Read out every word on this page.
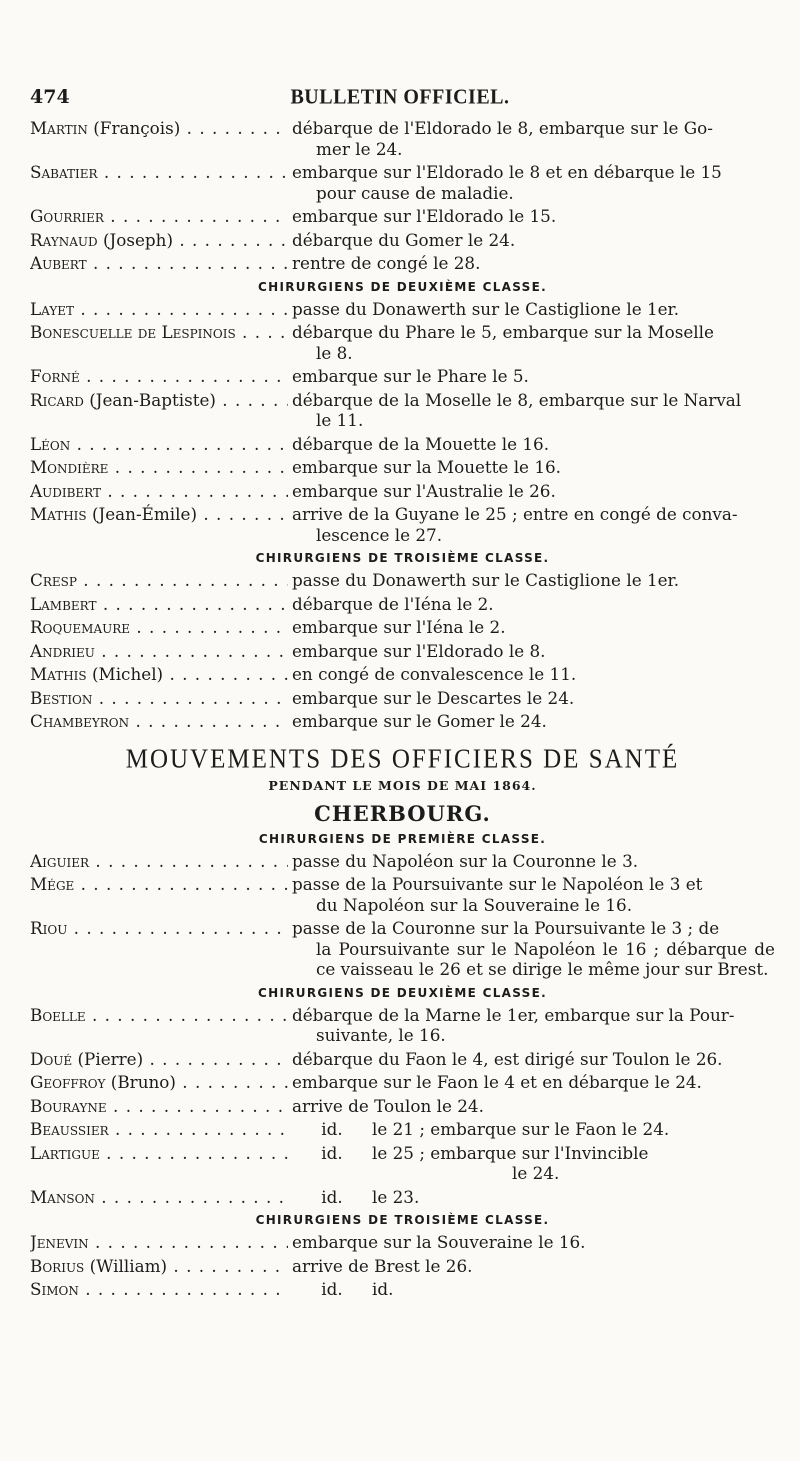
474	BULLETIN OFFICIEL.
Martin (François) . . .	débarque de l'Eldorado le 8, embarque sur le Go-
mer le 24.
Sabatier . . .	embarque sur l'Eldorado le 8 et en débarque le 15
pour cause de maladie.
Gourrier . . .	embarque sur l'Eldorado le 15.
Raynaud (Joseph) . . .	débarque du Gomer le 24.
Aubert . . .	rentre de congé le 28.
CHIRURGIENS DE DEUXIÈME CLASSE.
Layet . . .	passe du Donawerth sur le Castiglione le 1er.
Bonescuelle de Lespinois . . .	débarque du Phare le 5, embarque sur la Moselle
le 8.
Forné . . .	embarque sur le Phare le 5.
Ricard (Jean-Baptiste) . . .	débarque de la Moselle le 8, embarque sur le Narval
le 11.
Léon . . .	débarque de la Mouette le 16.
Mondière . . .	embarque sur la Mouette le 16.
Audibert . . .	embarque sur l'Australie le 26.
Mathis (Jean-Émile) . . .	arrive de la Guyane le 25 ; entre en congé de conva-
lescence le 27.
CHIRURGIENS DE TROISIÈME CLASSE.
Cresp . . .	passe du Donawerth sur le Castiglione le 1er.
Lambert . . .	débarque de l'Iéna le 2.
Roquemaure . . .	embarque sur l'Iéna le 2.
Andrieu . . .	embarque sur l'Eldorado le 8.
Mathis (Michel) . . .	en congé de convalescence le 11.
Bestion . . .	embarque sur le Descartes le 24.
Chambeyron . . .	embarque sur le Gomer le 24.
MOUVEMENTS DES OFFICIERS DE SANTÉ
PENDANT LE MOIS DE MAI 1864.
CHERBOURG.
CHIRURGIENS DE PREMIÈRE CLASSE.
Aiguier . . .	passe du Napoléon sur la Couronne le 3.
Mége . . .	passe de la Poursuivante sur le Napoléon le 3 et
du Napoléon sur la Souveraine le 16.
Riou . . .	passe de la Couronne sur la Poursuivante le 3 ; de
la Poursuivante sur le Napoléon le 16 ; débarque de ce vaisseau le 26 et se dirige le même jour sur Brest.
CHIRURGIENS DE DEUXIÈME CLASSE.
Boelle . . .	débarque de la Marne le 1er, embarque sur la Pour-
suivante, le 16.
Doué (Pierre) . . .	débarque du Faon le 4, est dirigé sur Toulon le 26.
Geoffroy (Bruno) . . .	embarque sur le Faon le 4 et en débarque le 24.
Bourayne . . .	arrive de Toulon le 24.
Beaussier . . .	id. le 21 ; embarque sur le Faon le 24.
Lartigue . . .	id. le 25 ; embarque sur l'Invincible
le 24.
Manson . . .	id. le 23.
CHIRURGIENS DE TROISIÈME CLASSE.
Jenevin . . .	embarque sur la Souveraine le 16.
Borius (William) . . .	arrive de Brest le 26.
Simon . . .	id. id.
